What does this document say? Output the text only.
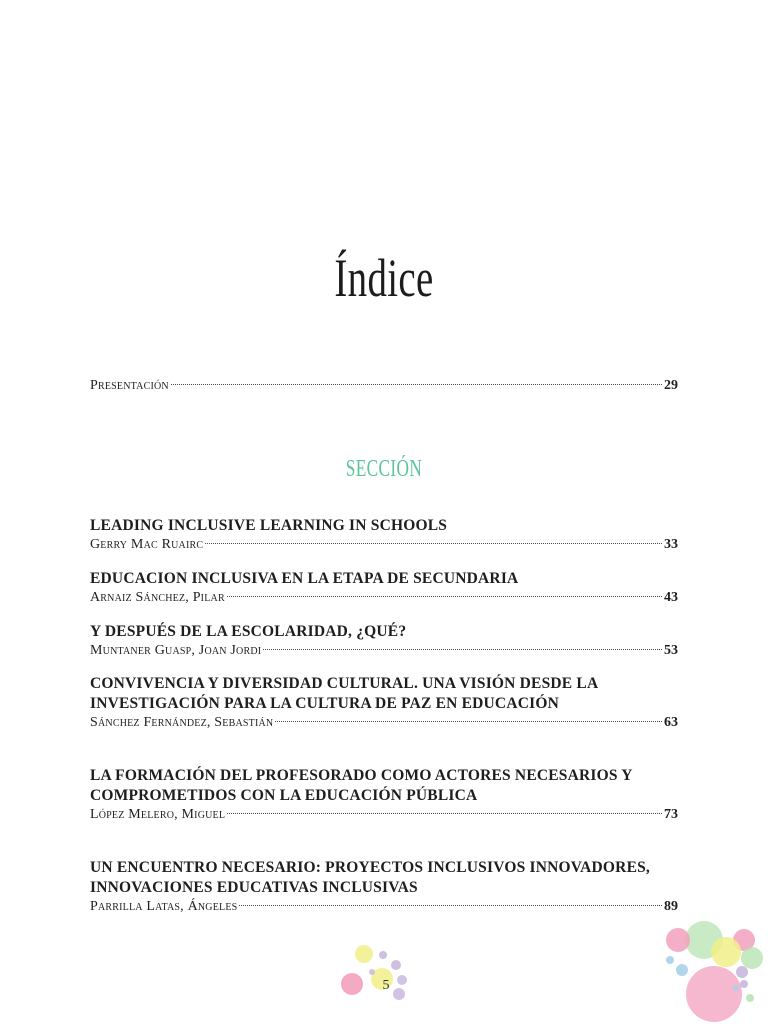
Índice
Presentación	29
SECCIÓN
LEADING INCLUSIVE LEARNING IN SCHOOLS
Gerry Mac Ruairc	33
EDUCACION INCLUSIVA EN LA ETAPA DE SECUNDARIA
Arnaiz Sánchez, Pilar	43
Y DESPUÉS DE LA ESCOLARIDAD, ¿QUÉ?
Muntaner Guasp, Joan Jordi	53
CONVIVENCIA Y DIVERSIDAD CULTURAL. UNA VISIÓN DESDE LA INVESTIGACIÓN PARA LA CULTURA DE PAZ EN EDUCACIÓN
Sánchez Fernández, Sebastián	63
LA FORMACIÓN DEL PROFESORADO COMO ACTORES NECESARIOS Y COMPROMETIDOS CON LA EDUCACIÓN PÚBLICA
López Melero, Miguel	73
UN ENCUENTRO NECESARIO: PROYECTOS INCLUSIVOS INNOVADORES, INNOVACIONES EDUCATIVAS INCLUSIVAS
Parrilla Latas, Ángeles	89
5
